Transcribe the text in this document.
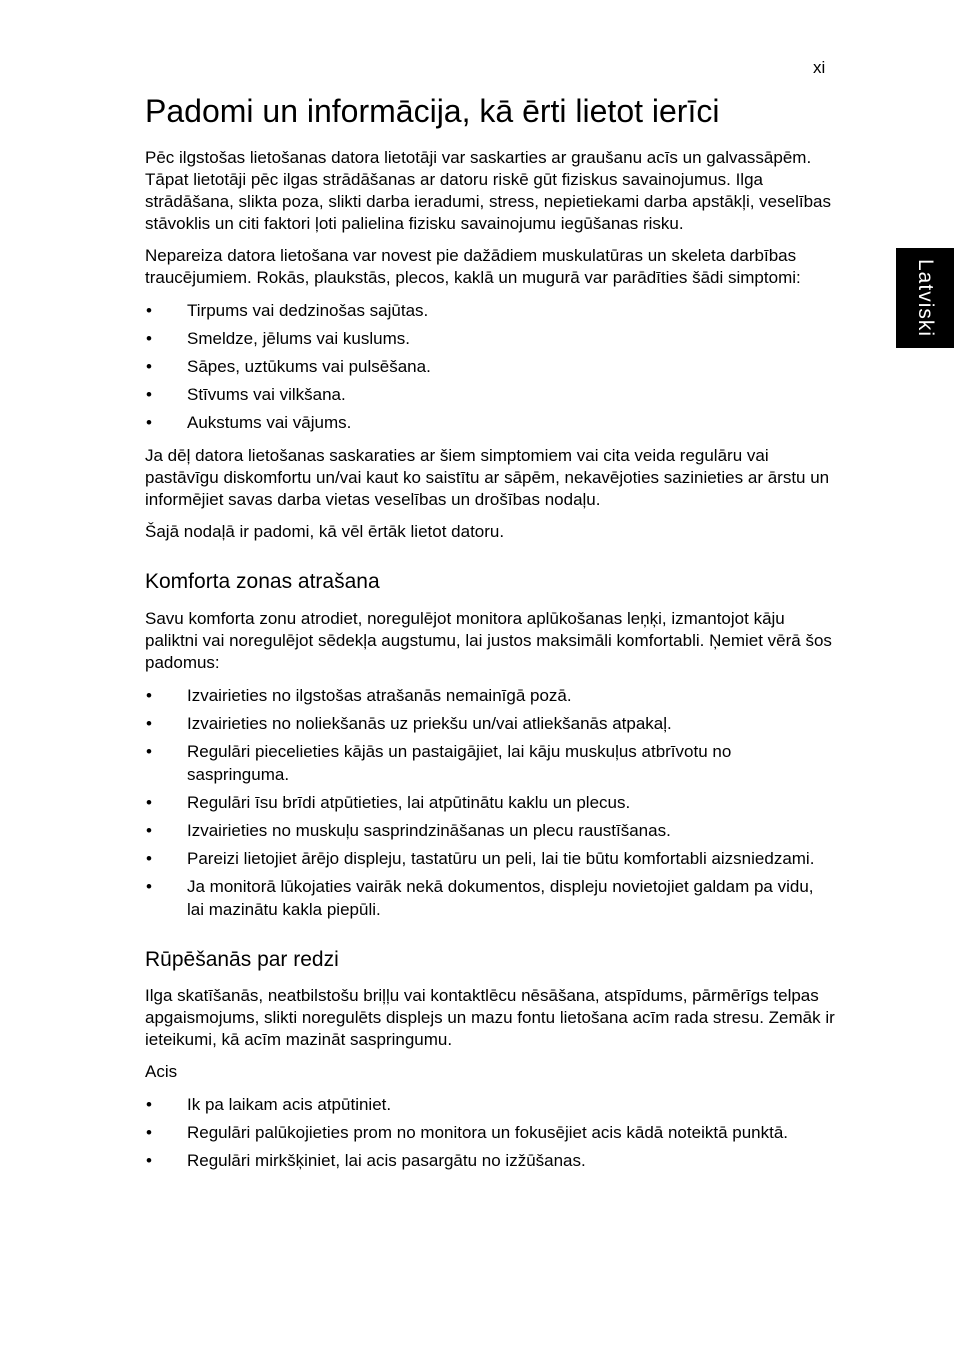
xi

Latviski
Padomi un informācija, kā ērti lietot ierīci

Pēc ilgstošas lietošanas datora lietotāji var saskarties ar graušanu acīs un galvassāpēm. Tāpat lietotāji pēc ilgas strādāšanas ar datoru riskē gūt fiziskus savainojumus. Ilga strādāšana, slikta poza, slikti darba ieradumi, stress, nepietiekami darba apstākļi, veselības stāvoklis un citi faktori ļoti palielina fizisku savainojumu iegūšanas risku.

Nepareiza datora lietošana var novest pie dažādiem muskulatūras un skeleta darbības traucējumiem. Rokās, plaukstās, plecos, kaklā un mugurā var parādīties šādi simptomi:

• Tirpums vai dedzinošas sajūtas.
• Smeldze, jēlums vai kuslums.
• Sāpes, uztūkums vai pulsēšana.
• Stīvums vai vilkšana.
• Aukstums vai vājums.

Ja dēļ datora lietošanas saskaraties ar šiem simptomiem vai cita veida regulāru vai pastāvīgu diskomfortu un/vai kaut ko saistītu ar sāpēm, nekavējoties sazinieties ar ārstu un informējiet savas darba vietas veselības un drošības nodaļu.

Šajā nodaļā ir padomi, kā vēl ērtāk lietot datoru.

Komforta zonas atrašana

Savu komforta zonu atrodiet, noregulējot monitora aplūkošanas leņķi, izmantojot kāju paliktni vai noregulējot sēdekļa augstumu, lai justos maksimāli komfortabli. Ņemiet vērā šos padomus:

• Izvairieties no ilgstošas atrašanās nemainīgā pozā.
• Izvairieties no noliekšanās uz priekšu un/vai atliekšanās atpakaļ.
• Regulāri piecelieties kājās un pastaigājiet, lai kāju muskuļus atbrīvotu no saspringuma.
• Regulāri īsu brīdi atpūtieties, lai atpūtinātu kaklu un plecus.
• Izvairieties no muskuļu sasprindzināšanas un plecu raustīšanas.
• Pareizi lietojiet ārējo displeju, tastatūru un peli, lai tie būtu komfortabli aizsniedzami.
• Ja monitorā lūkojaties vairāk nekā dokumentos, displeju novietojiet galdam pa vidu, lai mazinātu kakla piepūli.
Rūpēšanās par redzi

Ilga skatīšanās, neatbilstošu briļļu vai kontaktlēcu nēsāšana, atspīdums, pārmērīgs telpas apgaismojums, slikti noregulēts displejs un mazu fontu lietošana acīm rada stresu. Zemāk ir ieteikumi, kā acīm mazināt saspringumu.

Acis

• Ik pa laikam acis atpūtiniet.
• Regulāri palūkojieties prom no monitora un fokusējiet acis kādā noteiktā punktā.
• Regulāri mirkšķiniet, lai acis pasargātu no izžūšanas.
